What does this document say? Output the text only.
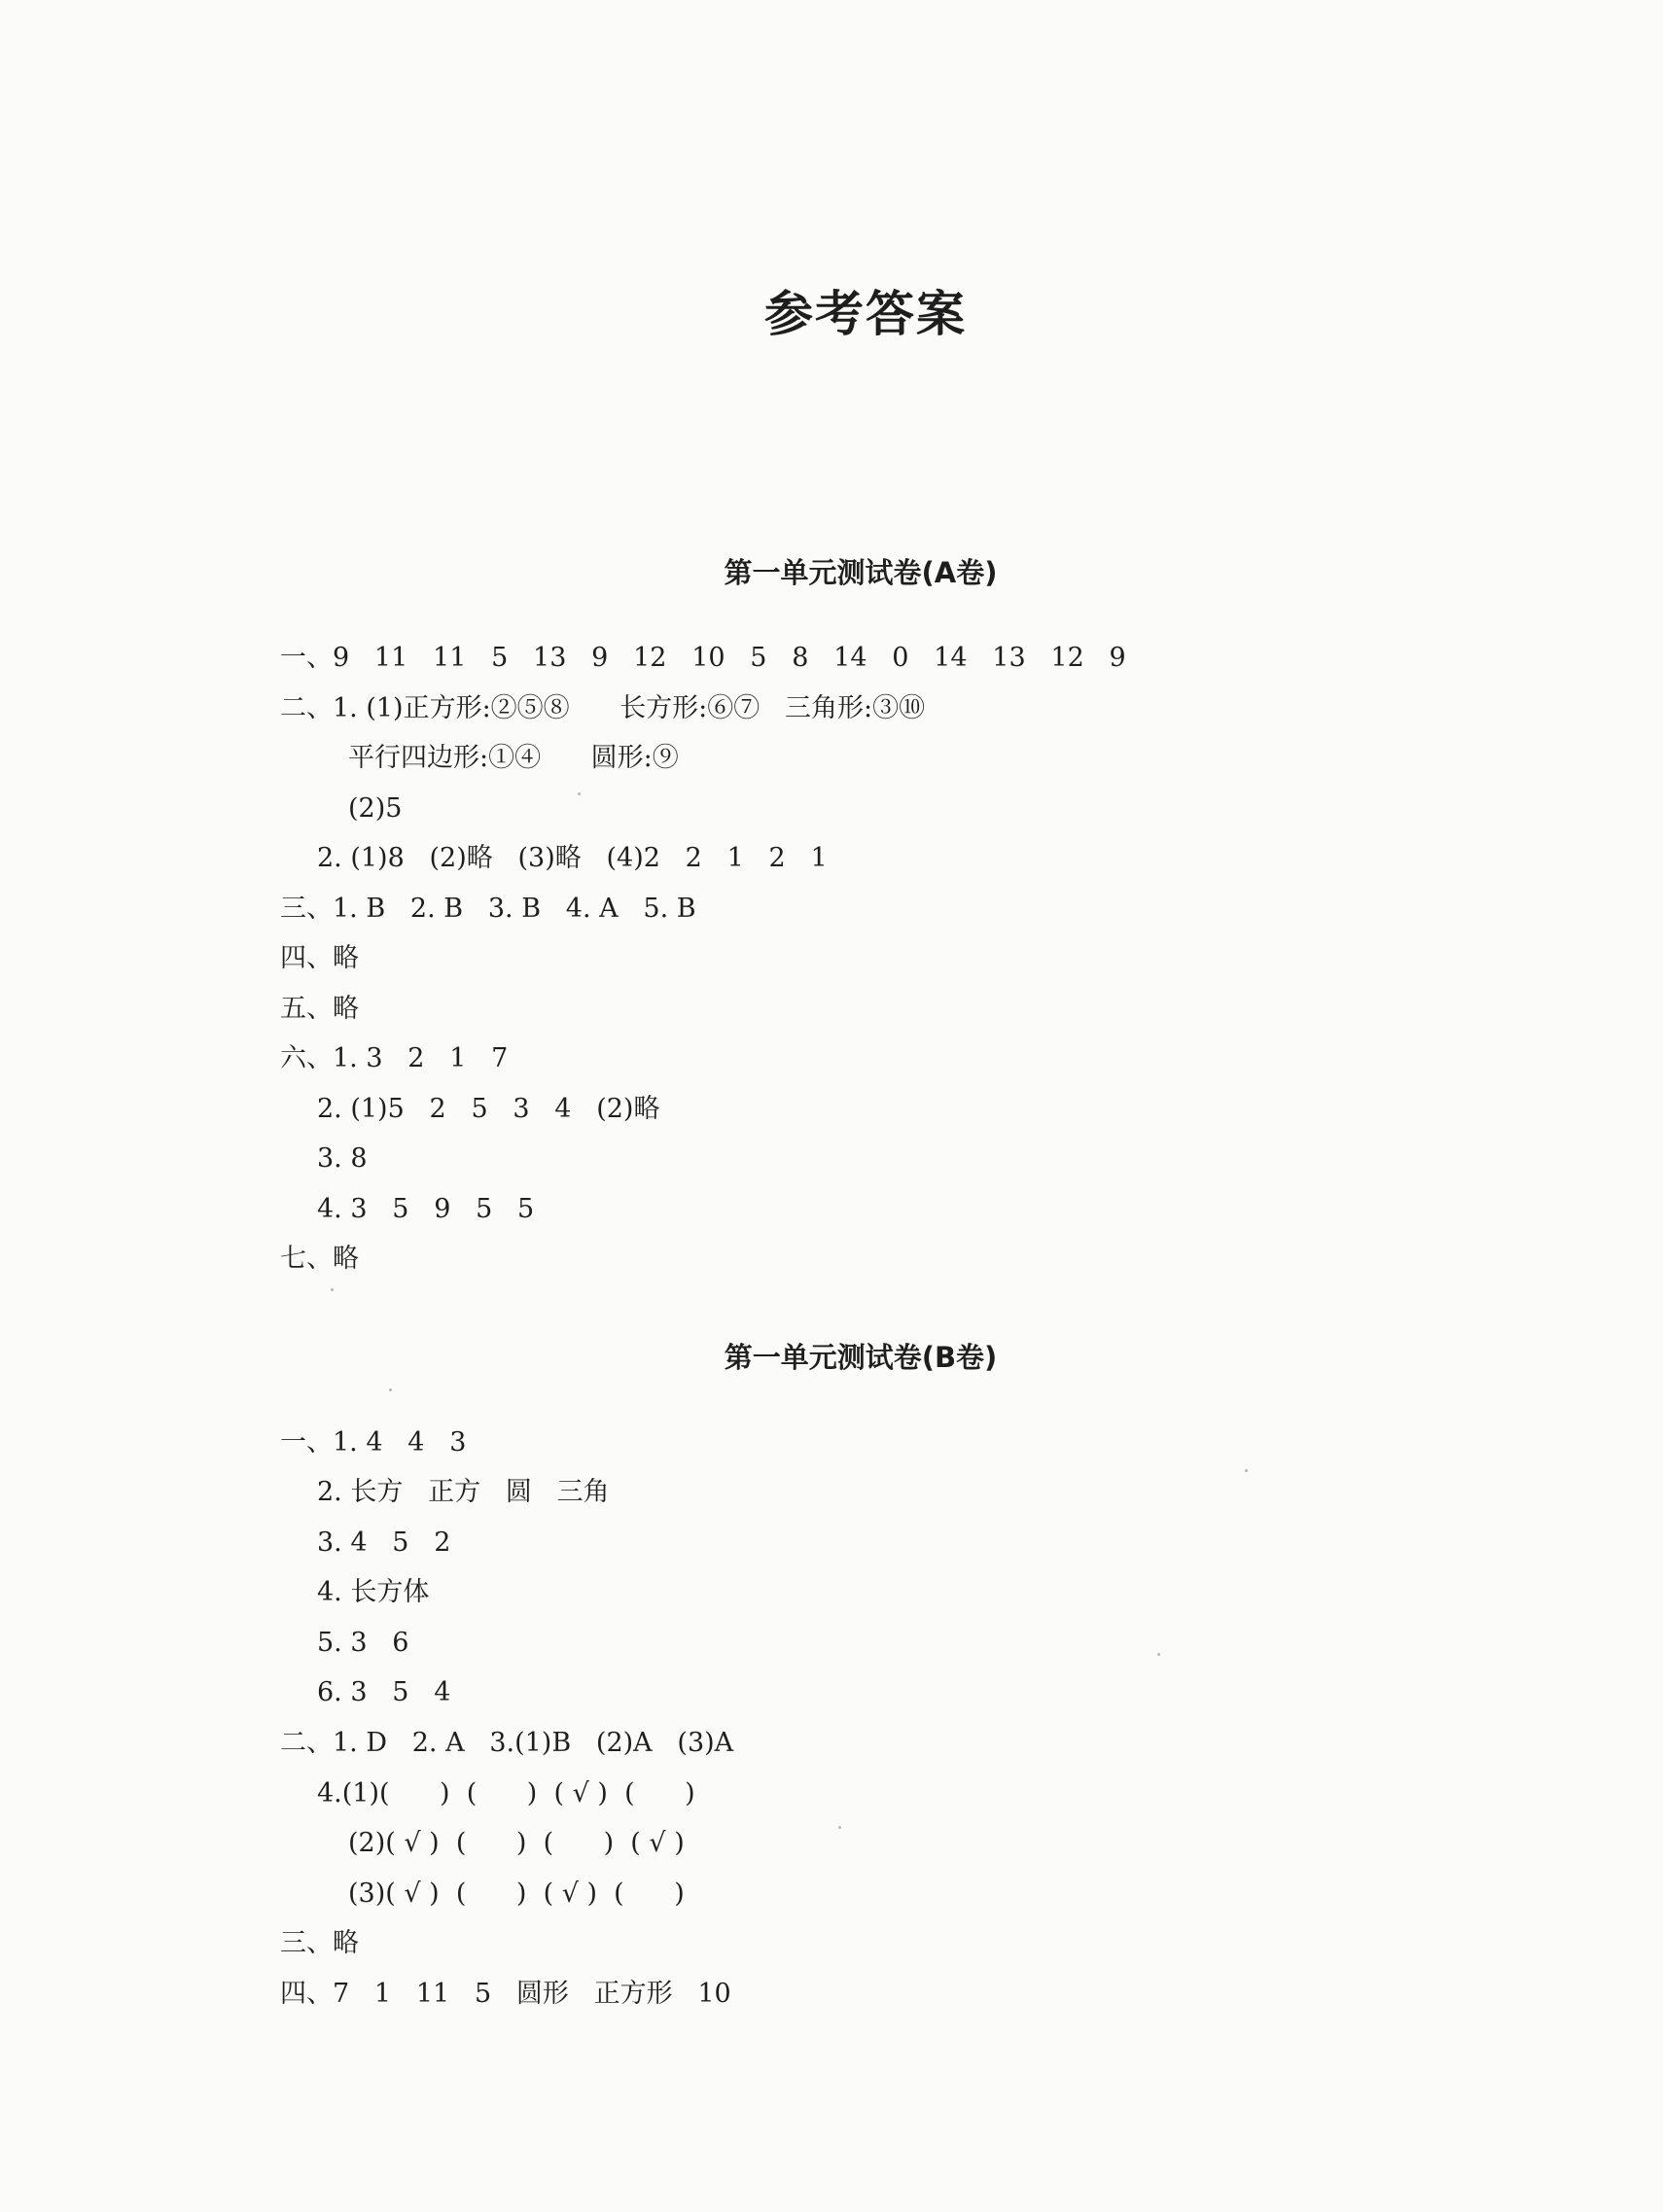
参考答案
第一单元测试卷(A卷)
一、9   11   11   5   13   9   12   10   5   8   14   0   14   13   12   9
二、1. (1)正方形:②⑤⑧      长方形:⑥⑦   三角形:③⑩
平行四边形:①④      圆形:⑨
(2)5
2. (1)8   (2)略   (3)略   (4)2   2   1   2   1
三、1. B   2. B   3. B   4. A   5. B
四、略
五、略
六、1. 3   2   1   7
2. (1)5   2   5   3   4   (2)略
3. 8
4. 3   5   9   5   5
七、略
第一单元测试卷(B卷)
一、1. 4   4   3
2. 长方   正方   圆   三角
3. 4   5   2
4. 长方体
5. 3   6
6. 3   5   4
二、1. D   2. A   3.(1)B   (2)A   (3)A
4.(1)(      )  (      )  ( √ )  (      )
(2)( √ )  (      )  (      )  ( √ )
(3)( √ )  (      )  ( √ )  (      )
三、略
四、7   1   11   5   圆形   正方形   10
